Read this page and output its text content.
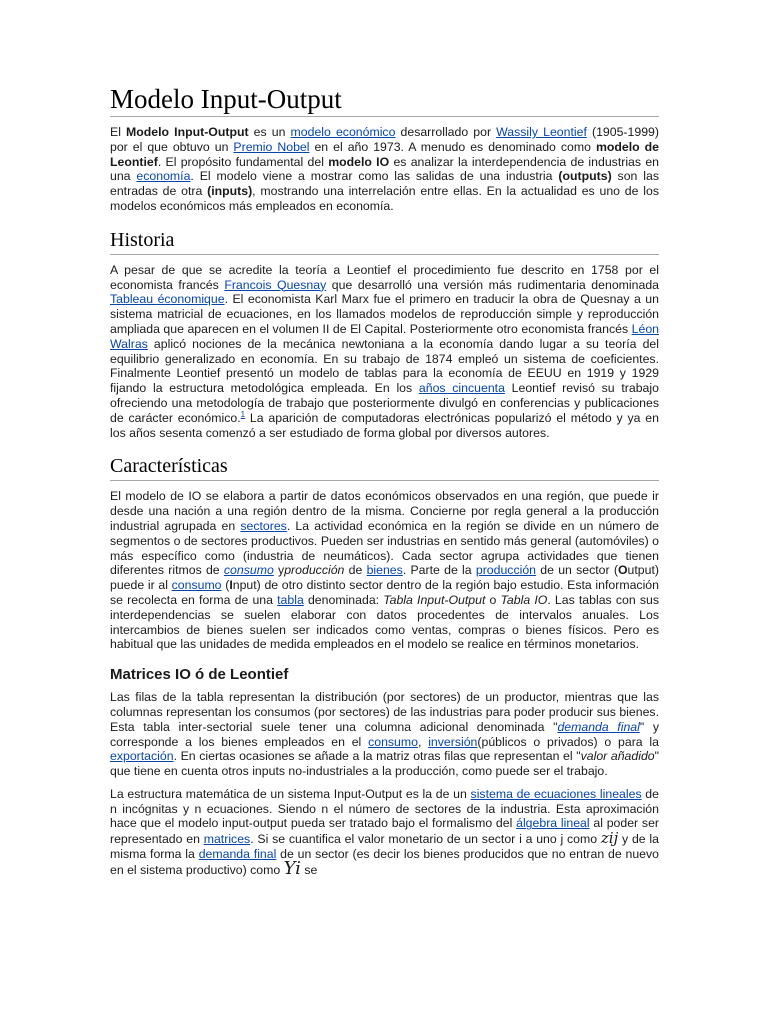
Modelo Input-Output

El Modelo Input-Output es un modelo económico desarrollado por Wassily Leontief (1905-1999) por el que obtuvo un Premio Nobel en el año 1973. A menudo es denominado como modelo de Leontief. El propósito fundamental del modelo IO es analizar la interdependencia de industrias en una economía. El modelo viene a mostrar como las salidas de una industria (outputs) son las entradas de otra (inputs), mostrando una interrelación entre ellas. En la actualidad es uno de los modelos económicos más empleados en economía.

Historia

A pesar de que se acredite la teoría a Leontief el procedimiento fue descrito en 1758 por el economista francés Francois Quesnay que desarrolló una versión más rudimentaria denominada Tableau économique. El economista Karl Marx fue el primero en traducir la obra de Quesnay a un sistema matricial de ecuaciones, en los llamados modelos de reproducción simple y reproducción ampliada que aparecen en el volumen II de El Capital. Posteriormente otro economista francés Léon Walras aplicó nociones de la mecánica newtoniana a la economía dando lugar a su teoría del equilibrio generalizado en economía. En su trabajo de 1874 empleó un sistema de coeficientes. Finalmente Leontief presentó un modelo de tablas para la economía de EEUU en 1919 y 1929 fijando la estructura metodológica empleada. En los años cincuenta Leontief revisó su trabajo ofreciendo una metodología de trabajo que posteriormente divulgó en conferencias y publicaciones de carácter económico.$^1$ La aparición de computadoras electrónicas popularizó el método y ya en los años sesenta comenzó a ser estudiado de forma global por diversos autores.

Características

El modelo de IO se elabora a partir de datos económicos observados en una región, que puede ir desde una nación a una región dentro de la misma. Concierne por regla general a la producción industrial agrupada en sectores. La actividad económica en la región se divide en un número de segmentos o de sectores productivos. Pueden ser industrias en sentido más general (automóviles) o más específico como (industria de neumáticos). Cada sector agrupa actividades que tienen diferentes ritmos de consumo yproducción de bienes. Parte de la producción de un sector (Output) puede ir al consumo (Input) de otro distinto sector dentro de la región bajo estudio. Esta información se recolecta en forma de una tabla denominada: Tabla Input-Output o Tabla IO. Las tablas con sus interdependencias se suelen elaborar con datos procedentes de intervalos anuales. Los intercambios de bienes suelen ser indicados como ventas, compras o bienes físicos. Pero es habitual que las unidades de medida empleados en el modelo se realice en términos monetarios.

Matrices IO ó de Leontief

Las filas de la tabla representan la distribución (por sectores) de un productor, mientras que las columnas representan los consumos (por sectores) de las industrias para poder producir sus bienes. Esta tabla inter-sectorial suele tener una columna adicional denominada "demanda final" y corresponde a los bienes empleados en el consumo, inversión(públicos o privados) o para la exportación. En ciertas ocasiones se añade a la matriz otras filas que representan el "valor añadido" que tiene en cuenta otros inputs no-industriales a la producción, como puede ser el trabajo.

La estructura matemática de un sistema Input-Output es la de un sistema de ecuaciones lineales de n incógnitas y n ecuaciones. Siendo n el número de sectores de la industria. Esta aproximación hace que el modelo input-output pueda ser tratado bajo el formalismo del álgebra lineal al poder ser representado en matrices. Si se cuantifica el valor monetario de un sector i a uno j como zij y de la misma forma la demanda final de un sector (es decir los bienes producidos que no entran de nuevo en el sistema productivo) como Yi se
